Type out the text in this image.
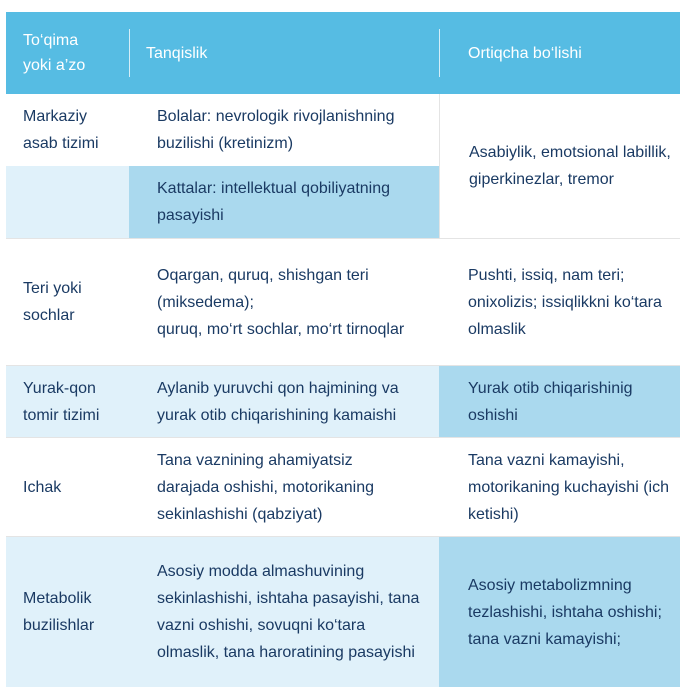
To‘qima
yoki a’zo
Tanqislik	Ortiqcha bo‘lishi
Markaziy asab tizimi
Bolalar: nevrologik rivojlanishning buzilishi (kretinizm)
Kattalar: intellektual qobiliyatning pasayishi
Asabiylik, emotsional labillik, giperkinezlar, tremor
Teri yoki sochlar
Oqargan, quruq, shishgan teri (miksedema);
quruq, mo‘rt sochlar, mo‘rt tirnoqlar
Pushti, issiq, nam teri; onixolizis; issiqlikkni ko‘tara olmaslik
Yurak-qon tomir tizimi
Aylanib yuruvchi qon hajmining va yurak otib chiqarishining kamaishi
Yurak otib chiqarishinig oshishi
Ichak
Tana vaznining ahamiyatsiz darajada oshishi, motorikaning sekinlashishi (qabziyat)
Tana vazni kamayishi, motorikaning kuchayishi (ich ketishi)
Metabolik buzilishlar
Asosiy modda almashuvining sekinlashishi, ishtaha pasayishi, tana vazni oshishi, sovuqni ko‘tara olmaslik, tana haroratining pasayishi
Asosiy metabolizmning tezlashishi, ishtaha oshishi; tana vazni kamayishi;
